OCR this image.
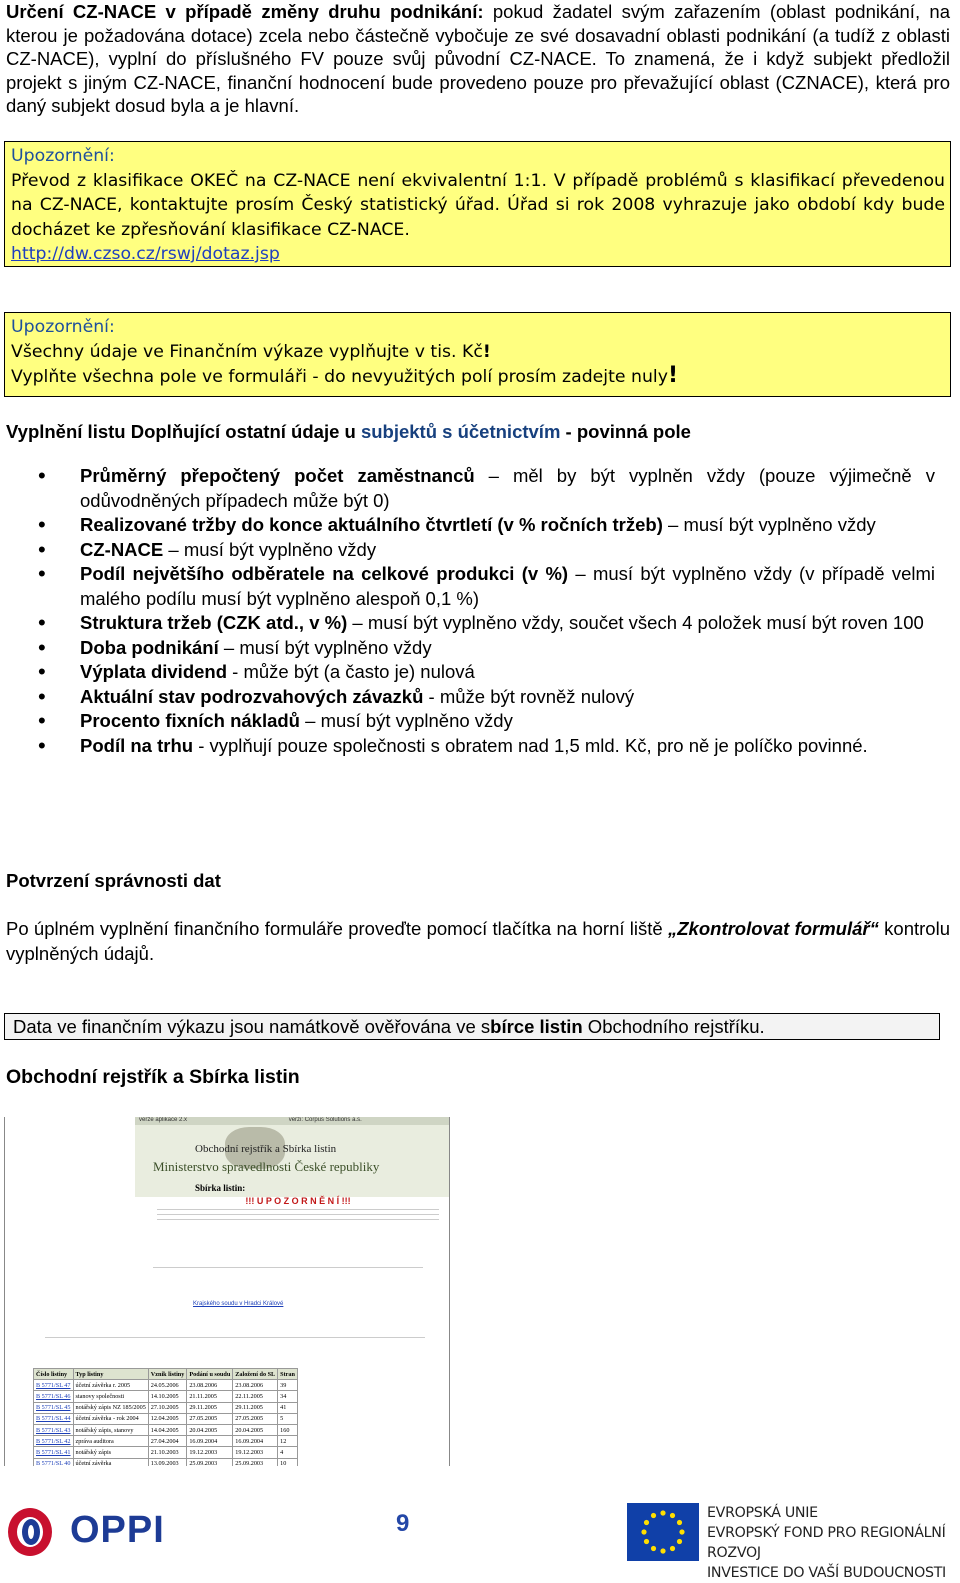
Určení CZ-NACE v případě změny druhu podnikání: pokud žadatel svým zařazením (oblast podnikání, na kterou je požadována dotace) zcela nebo částečně vybočuje ze své dosavadní oblasti podnikání (a tudíž z oblasti CZ-NACE), vyplní do příslušného FV pouze svůj původní CZ-NACE. To znamená, že i když subjekt předložil projekt s jiným CZ-NACE, finanční hodnocení bude provedeno pouze pro převažující oblast (CZNACE), která pro daný subjekt dosud byla a je hlavní.
Upozornění:
Převod z klasifikace OKEČ na CZ-NACE není ekvivalentní 1:1. V případě problémů s klasifikací převedenou na CZ-NACE, kontaktujte prosím Český statistický úřad. Úřad si rok 2008 vyhrazuje jako období kdy bude docházet ke zpřesňování klasifikace CZ-NACE.
http://dw.czso.cz/rswj/dotaz.jsp
Upozornění:
Všechny údaje ve Finančním výkaze vyplňujte v tis. Kč!
Vyplňte všechna pole ve formuláři - do nevyužitých polí prosím zadejte nuly!
Vyplnění listu Doplňující ostatní údaje u subjektů s účetnictvím - povinná pole
• Průměrný přepočtený počet zaměstnanců – měl by být vyplněn vždy (pouze výjimečně v odůvodněných případech může být 0)
• Realizované tržby do konce aktuálního čtvrtletí (v % ročních tržeb) – musí být vyplněno vždy
• CZ-NACE – musí být vyplněno vždy
• Podíl největšího odběratele na celkové produkci (v %) – musí být vyplněno vždy (v případě velmi malého podílu musí být vyplněno alespoň 0,1 %)
• Struktura tržeb (CZK atd., v %) – musí být vyplněno vždy, součet všech 4 položek musí být roven 100
• Doba podnikání – musí být vyplněno vždy
• Výplata dividend - může být (a často je) nulová
• Aktuální stav podrozvahových závazků - může být rovněž nulový
• Procento fixních nákladů – musí být vyplněno vždy
• Podíl na trhu - vyplňují pouze společnosti s obratem nad 1,5 mld. Kč, pro ně je políčko povinné.
Potvrzení správnosti dat
Po úplném vyplnění finančního formuláře proveďte pomocí tlačítka na horní liště „Zkontrolovat formulář“ kontrolu vyplněných údajů.
Data ve finančním výkazu jsou namátkově ověřována ve sbírce listin Obchodního rejstříku.
Obchodní rejstřík a Sbírka listin
verze aplikace 2.x	verzi: Corpus Solutions a.s.
Obchodní rejstřík a Sbírka listin
Ministerstvo spravedlnosti České republiky
Sbírka listin:
!!! U P O Z O R N Ě N Í !!!
Krajského soudu v Hradci Králové
Číslo listiny	Typ listiny	Vznik listiny	Podání u soudu	Založení do SL	Stran
B 5771/SL 47	účetní závěrka r. 2005	24.05.2006	23.08.2006	23.08.2006	39
B 5771/SL 46	stanovy společnosti	14.10.2005	21.11.2005	22.11.2005	34
B 5771/SL 45	notářský zápis NZ 185/2005	27.10.2005	29.11.2005	29.11.2005	41
B 5771/SL 44	účetní závěrka - rok 2004	12.04.2005	27.05.2005	27.05.2005	5
B 5771/SL 43	notářský zápis, stanovy	14.04.2005	20.04.2005	20.04.2005	160
B 5771/SL 42	zpráva auditora	27.04.2004	16.09.2004	16.09.2004	12
B 5771/SL 41	notářský zápis	21.10.2003	19.12.2003	19.12.2003	4
B 5771/SL 40	účetní závěrka	13.09.2003	25.09.2003	25.09.2003	10
OPPI	9	EVROPSKÁ UNIE
EVROPSKÝ FOND PRO REGIONÁLNÍ ROZVOJ
INVESTICE DO VAŠÍ BUDOUCNOSTI
